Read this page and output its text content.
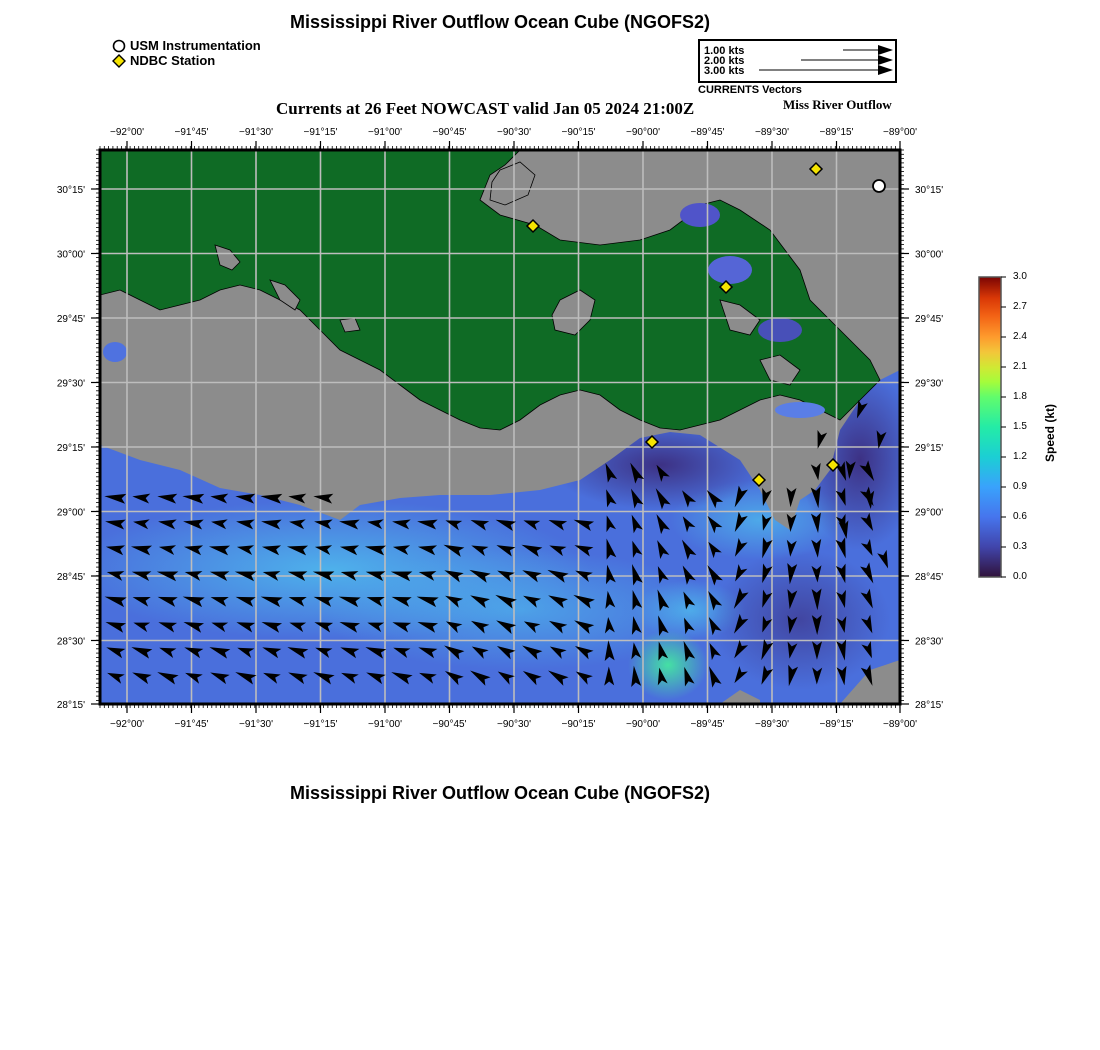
Mississippi River Outflow Ocean Cube (NGOFS2)
USM Instrumentation
NDBC Station
1.00 kts
2.00 kts
3.00 kts
CURRENTS Vectors
Currents at 26 Feet NOWCAST valid Jan 05 2024 21:00Z	Miss River Outflow
−92°00'	−91°45'	−91°30'	−91°15'	−91°00'	−90°45'	−90°30'	−90°15'	−90°00'	−89°45'	−89°30'	−89°15'	−89°00'
−92°00'	−91°45'	−91°30'	−91°15'	−91°00'	−90°45'	−90°30'	−90°15'	−90°00'	−89°45'	−89°30'	−89°15'	−89°00'
30°15'
30°00'
29°45'
29°30'
29°15'
29°00'
28°45'
28°30'
28°15'
30°15'
30°00'
29°45'
29°30'
29°15'
29°00'
28°45'
28°30'
28°15'
3.0
2.7
2.4
2.1
1.8
1.5
1.2
0.9
0.6
0.3
0.0
Speed (kt)
Mississippi River Outflow Ocean Cube (NGOFS2)
